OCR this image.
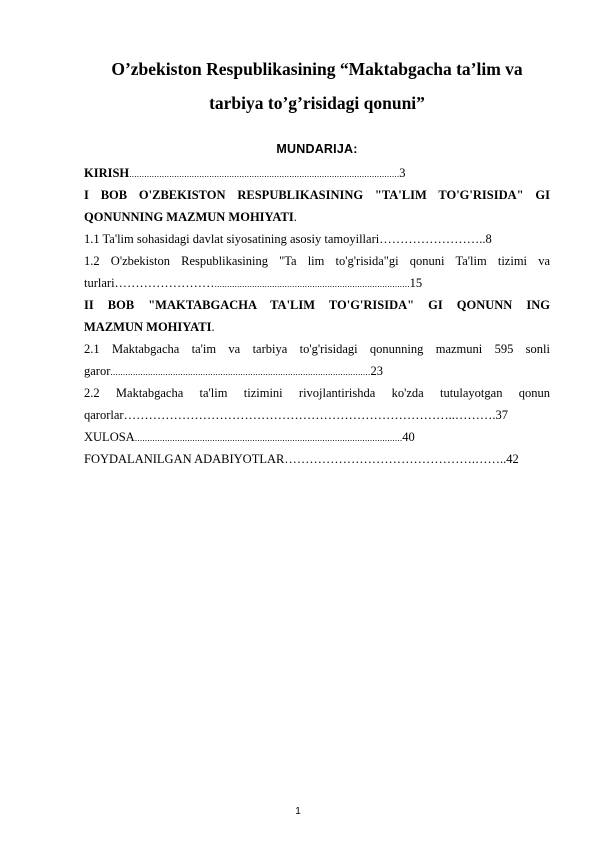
O’zbekiston Respublikasining “Maktabgacha ta’lim va
tarbiya to’g’risidagi qonuni”
MUNDARIJA:
KIRISH............................................................................................................3
I BOB O'ZBEKISTON RESPUBLIKASINING "TA'LIM TO'G'RISIDA" GI
QONUNNING MAZMUN MOHIYATI.
1.1 Ta'lim sohasidagi davlat siyosatining asosiy tamoyillari……………………..8
1.2 O'zbekiston Respublikasining "Ta lim to'g'risida"gi qonuni Ta'lim tizimi va
turlari……………………..............................................................................15
II BOB "MAKTABGACHA TA'LIM TO'G'RISIDA" GI QONUNN ING
MAZMUN MOHIYATI.
2.1 Maktabgacha ta'im va tarbiya to'g'risidagi qonunning mazmuni 595 sonli
garor........................................................................................................23
2.2 Maktabgacha ta'lim tizimini rivojlantirishda ko'zda tutulayotgan qonun
qarorlar……………………………………………………………………..……….37
XULOSA...........................................................................................................40
FOYDALANILGAN ADABIYOTLAR……………………………………….……..42
1
